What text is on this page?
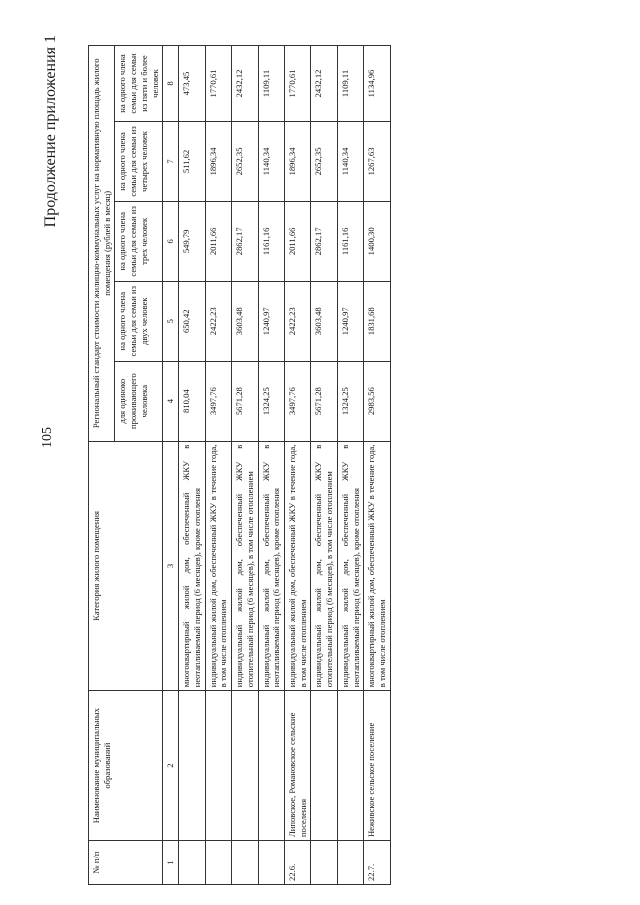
105
Продолжение приложения 1
№ п/п	Наименование муниципальных образований	Категория жилого помещения	Региональный стандарт стоимости жилищно-коммунальных услуг на нормативную площадь жилого помещения (рублей в месяц)				
			для одиноко проживающего человека	на одного члена семьи для семьи из двух человек	на одного члена семьи для семьи из трех человек	на одного члена семьи для семьи из четырех человек	на одного члена семьи для семьи из пяти и более человек
1	2	3	4	5	6	7	8
		многоквартирный жилой дом, обеспеченный ЖКУ в неотапливаемый период (6 месяцев), кроме отопления	810,04	650,42	549,79	511,62	473,45
		индивидуальный жилой дом, обеспеченный ЖКУ в течение года, в том числе отоплением	3497,76	2422,23	2011,66	1896,34	1770,61
		индивидуальный жилой дом, обеспеченный ЖКУ в отопительный период (6 месяцев), в том числе отоплением	5671,28	3603,48	2862,17	2652,35	2432,12
		индивидуальный жилой дом, обеспеченный ЖКУ в неотапливаемый период (6 месяцев), кроме отопления	1324,25	1240,97	1161,16	1140,34	1109,11
22.6.	Липовское, Романовское сельские поселения	индивидуальный жилой дом, обеспеченный ЖКУ в течение года, в том числе отоплением	3497,76	2422,23	2011,66	1896,34	1770,61
		индивидуальный жилой дом, обеспеченный ЖКУ в отопительный период (6 месяцев), в том числе отоплением	5671,28	3603,48	2862,17	2652,35	2432,12
		индивидуальный жилой дом, обеспеченный ЖКУ в неотапливаемый период (6 месяцев), кроме отопления	1324,25	1240,97	1161,16	1140,34	1109,11
22.7.	Неживское сельское поселение	многоквартирный жилой дом, обеспеченный ЖКУ в течение года, в том числе отоплением	2983,56	1831,68	1400,30	1267,63	1134,96
